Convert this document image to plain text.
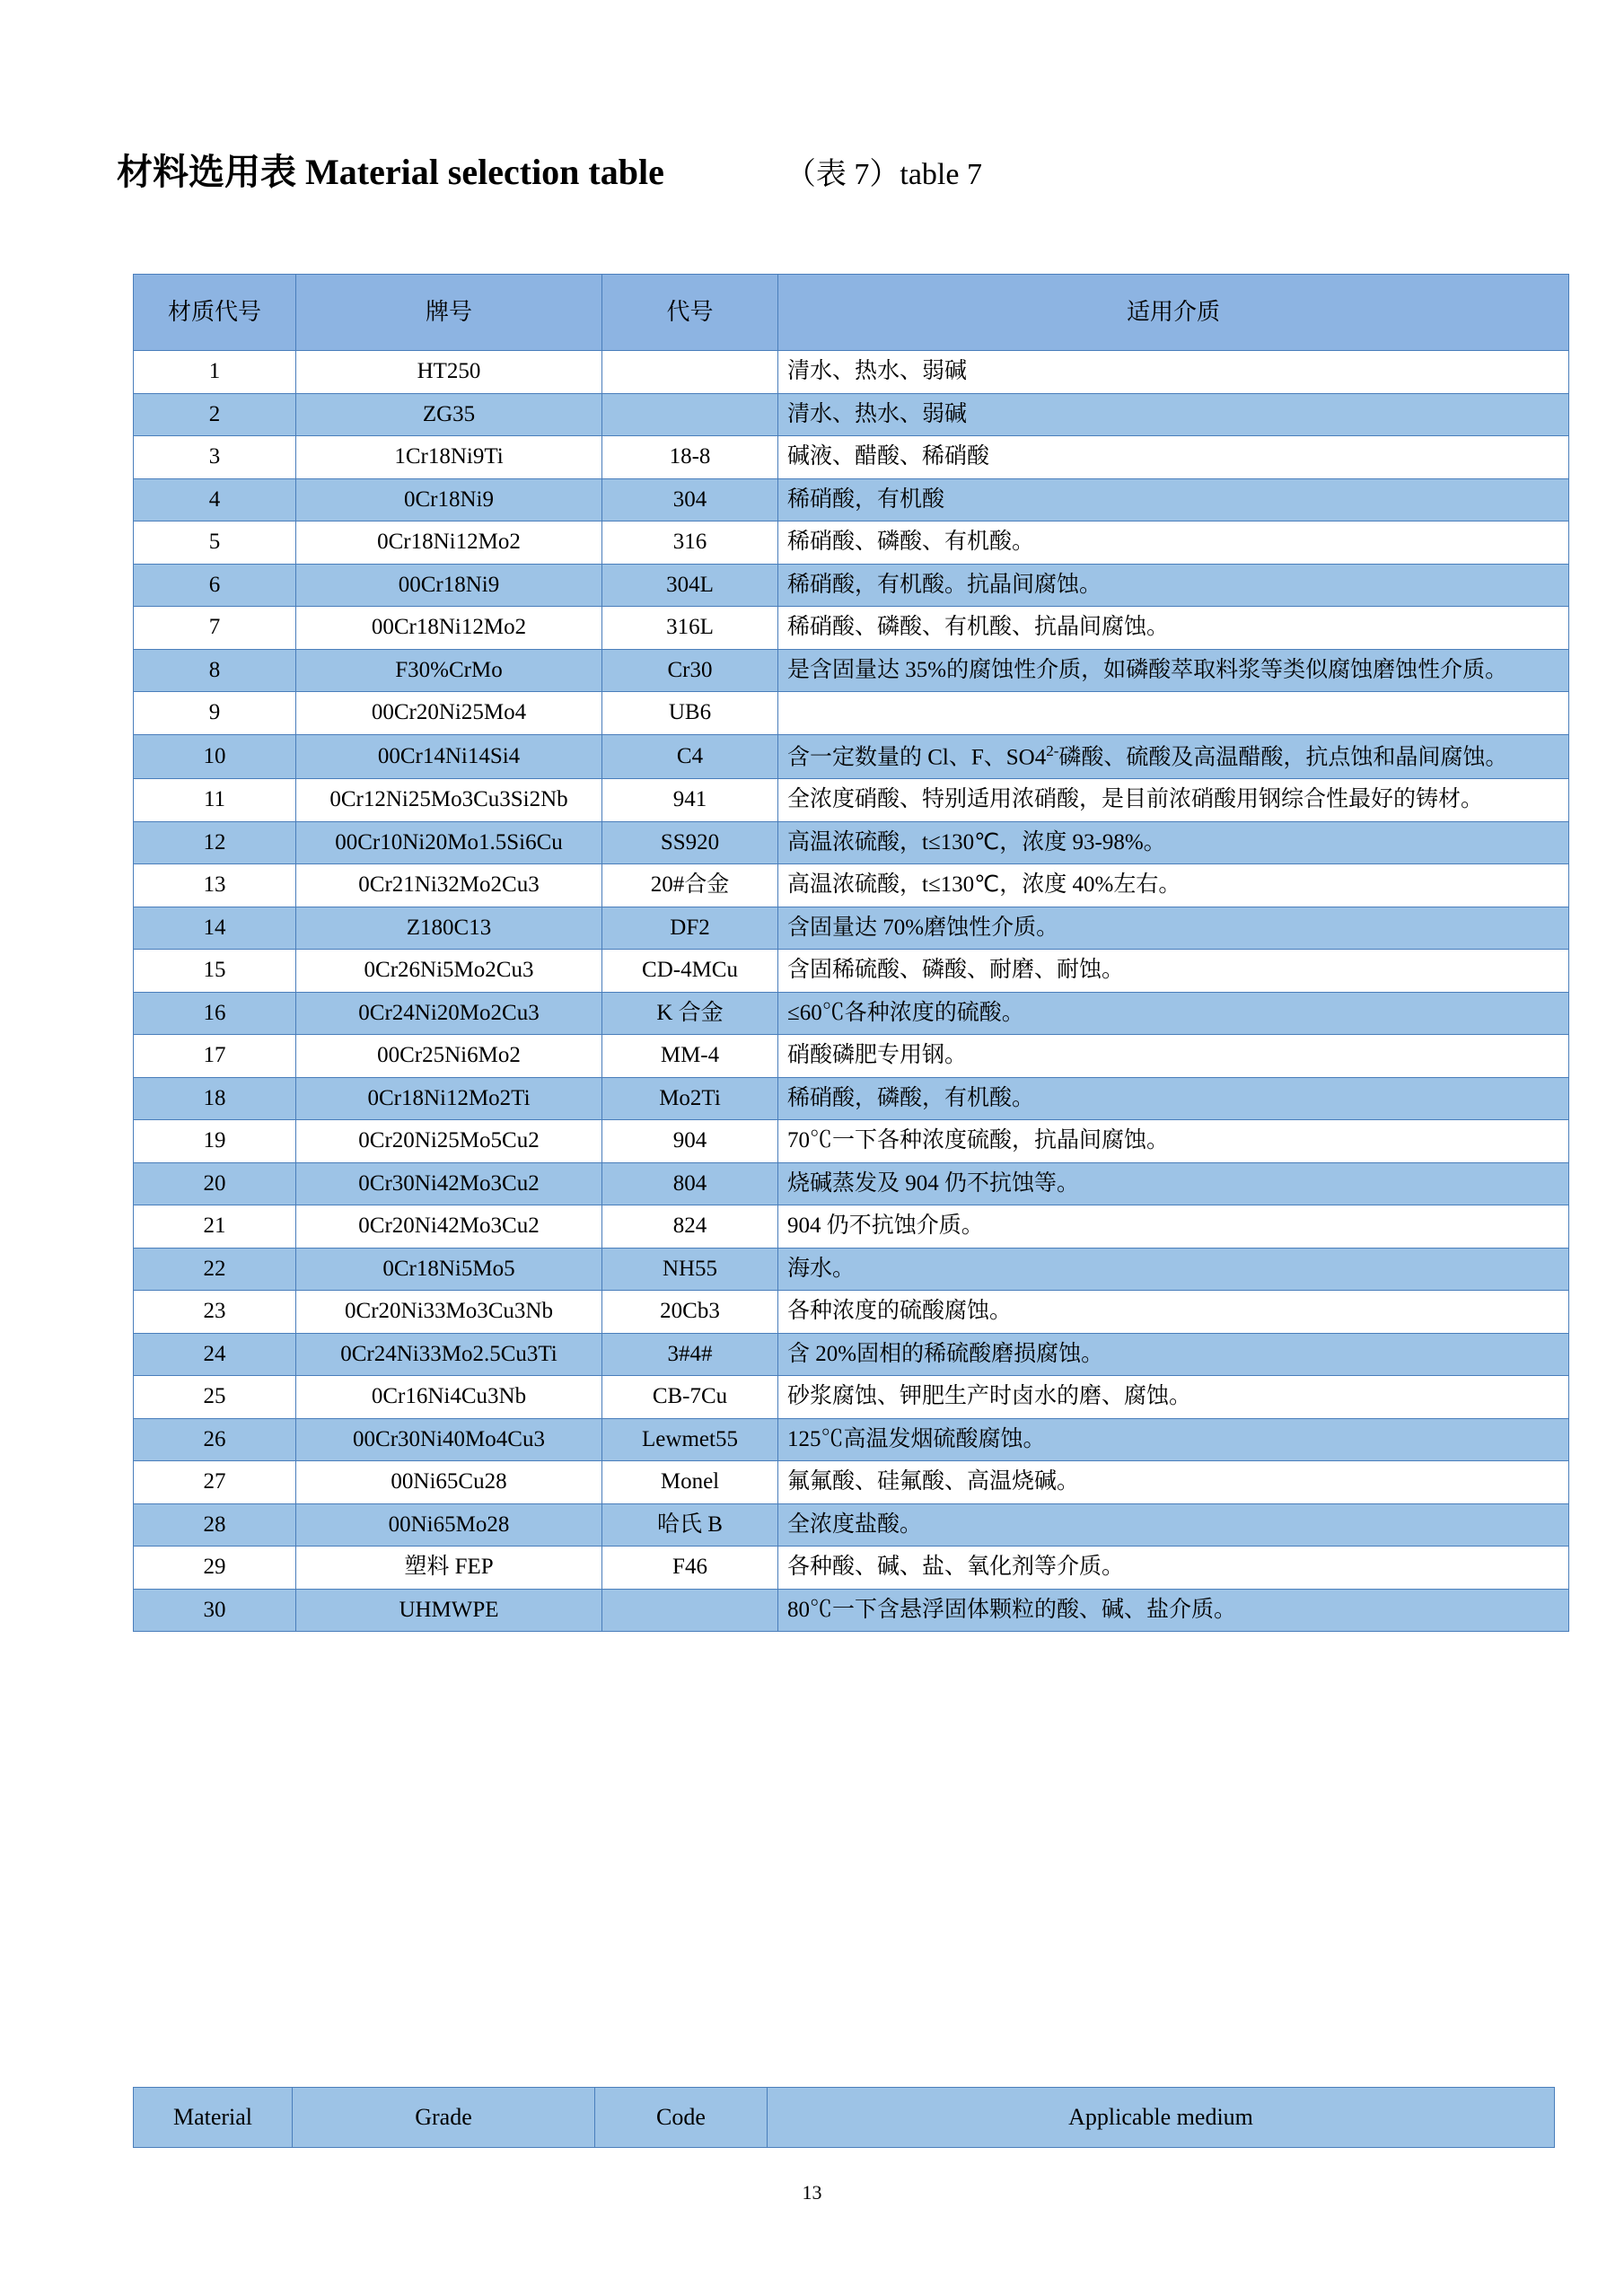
材料选用表 Material selection table	（表 7）table 7
材质代号	牌号	代号	适用介质
1	HT250		清水、热水、弱碱
2	ZG35		清水、热水、弱碱
3	1Cr18Ni9Ti	18-8	碱液、醋酸、稀硝酸
4	0Cr18Ni9	304	稀硝酸，有机酸
5	0Cr18Ni12Mo2	316	稀硝酸、磷酸、有机酸。
6	00Cr18Ni9	304L	稀硝酸，有机酸。抗晶间腐蚀。
7	00Cr18Ni12Mo2	316L	稀硝酸、磷酸、有机酸、抗晶间腐蚀。
8	F30%CrMo	Cr30	是含固量达 35%的腐蚀性介质，如磷酸萃取料浆等类似腐蚀磨蚀性介质。
9	00Cr20Ni25Mo4	UB6	
10	00Cr14Ni14Si4	C4	含一定数量的 Cl、F、$SO4^{2-}$磷酸、硫酸及高温醋酸，抗点蚀和晶间腐蚀。
11	0Cr12Ni25Mo3Cu3Si2Nb	941	全浓度硝酸、特别适用浓硝酸，是目前浓硝酸用钢综合性最好的铸材。
12	00Cr10Ni20Mo1.5Si6Cu	SS920	高温浓硫酸，t≤130℃，浓度 93-98%。
13	0Cr21Ni32Mo2Cu3	20#合金	高温浓硫酸，t≤130℃，浓度 40%左右。
14	Z180C13	DF2	含固量达 70%磨蚀性介质。
15	0Cr26Ni5Mo2Cu3	CD-4MCu	含固稀硫酸、磷酸、耐磨、耐蚀。
16	0Cr24Ni20Mo2Cu3	K 合金	≤60℃各种浓度的硫酸。
17	00Cr25Ni6Mo2	MM-4	硝酸磷肥专用钢。
18	0Cr18Ni12Mo2Ti	Mo2Ti	稀硝酸，磷酸，有机酸。
19	0Cr20Ni25Mo5Cu2	904	70℃一下各种浓度硫酸，抗晶间腐蚀。
20	0Cr30Ni42Mo3Cu2	804	烧碱蒸发及 904 仍不抗蚀等。
21	0Cr20Ni42Mo3Cu2	824	904 仍不抗蚀介质。
22	0Cr18Ni5Mo5	NH55	海水。
23	0Cr20Ni33Mo3Cu3Nb	20Cb3	各种浓度的硫酸腐蚀。
24	0Cr24Ni33Mo2.5Cu3Ti	3#4#	含 20%固相的稀硫酸磨损腐蚀。
25	0Cr16Ni4Cu3Nb	CB-7Cu	砂浆腐蚀、钾肥生产时卤水的磨、腐蚀。
26	00Cr30Ni40Mo4Cu3	Lewmet55	125℃高温发烟硫酸腐蚀。
27	00Ni65Cu28	Monel	氟氟酸、硅氟酸、高温烧碱。
28	00Ni65Mo28	哈氏 B	全浓度盐酸。
29	塑料 FEP	F46	各种酸、碱、盐、氧化剂等介质。
30	UHMWPE		80℃一下含悬浮固体颗粒的酸、碱、盐介质。
Material	Grade	Code	Applicable medium
13
